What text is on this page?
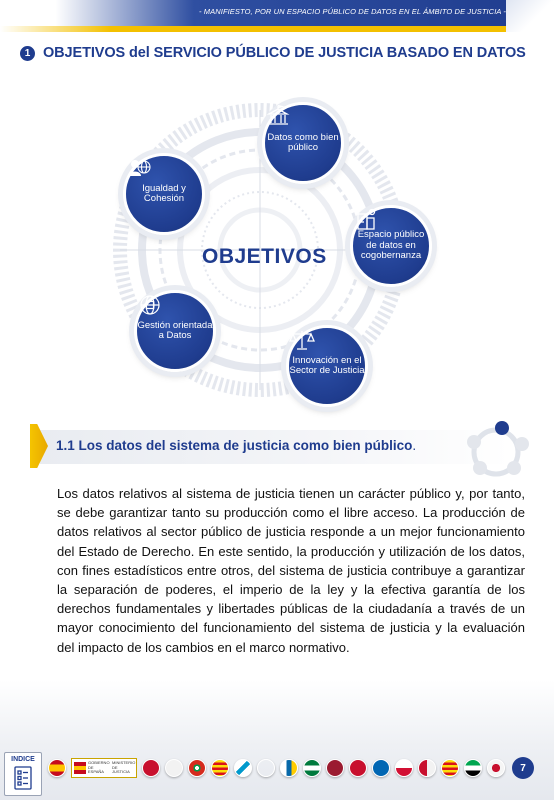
- MANIFIESTO, POR UN ESPACIO PÚBLICO DE DATOS EN EL ÁMBITO DE JUSTICIA -
1 OBJETIVOS del SERVICIO PÚBLICO DE JUSTICIA BASADO EN DATOS
Datos como bien público
Espacio público de datos en cogobernanza
Innovación en el Sector de Justicia
Gestión orientada a Datos
Igualdad y Cohesión
OBJETIVOS
1.1 Los datos del sistema de justicia como bien público.

Los datos relativos al sistema de justicia tienen un carácter público y, por tanto, se debe garantizar tanto su producción como el libre acceso. La producción de datos relativos al sector público de justicia responde a un mejor funcionamiento del Estado de Derecho. En este sentido, la producción y utilización de los datos, con fines estadísticos entre otros, del sistema de justicia contribuye a garantizar la separación de poderes, el imperio de la ley y la efectiva garantía de los derechos fundamentales y libertades públicas de la ciudadanía a través de un mayor conocimiento del funcionamiento del sistema de justicia y la evaluación del impacto de los cambios en el marco normativo.

INDICE	GOBIERNO DE ESPAÑA
MINISTERIO DE JUSTICIA	7
